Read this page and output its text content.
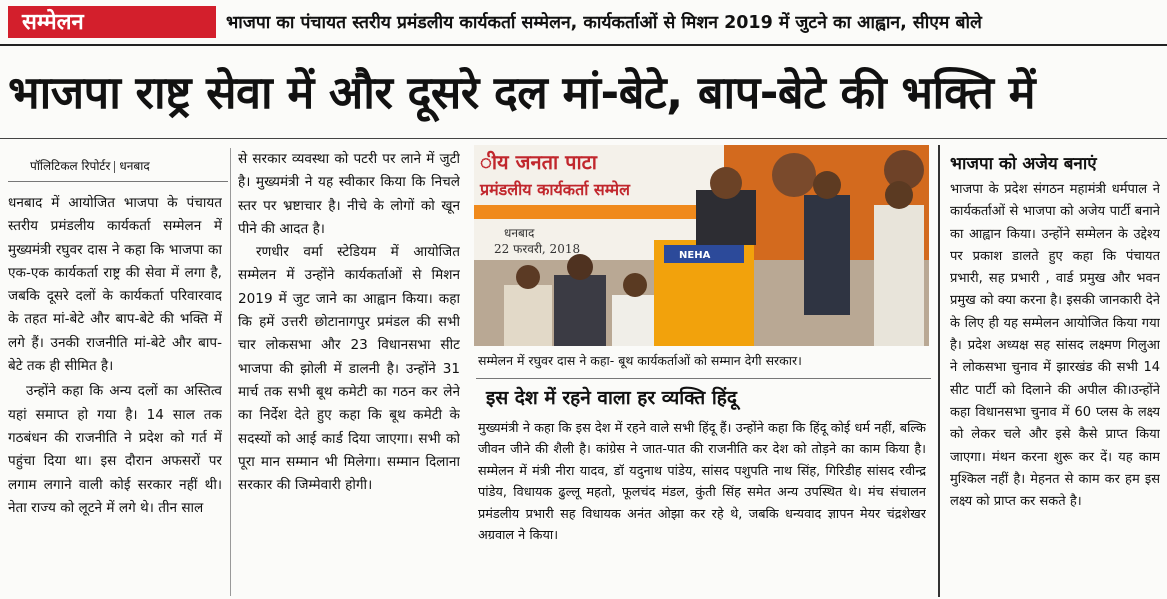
सम्मेलन	भाजपा का पंचायत स्तरीय प्रमंडलीय कार्यकर्ता सम्मेलन, कार्यकर्ताओं से मिशन 2019 में जुटने का आह्वान, सीएम बोले
भाजपा राष्ट्र सेवा में और दूसरे दल मां-बेटे, बाप-बेटे की भक्ति में
पॉलिटिकल रिपोर्टर धनबाद

धनबाद में आयोजित भाजपा के पंचायत स्तरीय प्रमंडलीय कार्यकर्ता सम्मेलन में मुख्यमंत्री रघुवर दास ने कहा कि भाजपा का एक-एक कार्यकर्ता राष्ट्र की सेवा में लगा है, जबकि दूसरे दलों के कार्यकर्ता परिवारवाद के तहत मां-बेटे और बाप-बेटे की भक्ति में लगे हैं। उनकी राजनीति मां-बेटे और बाप-बेटे तक ही सीमित है।

उन्होंने कहा कि अन्य दलों का अस्तित्व यहां समाप्त हो गया है। 14 साल तक गठबंधन की राजनीति ने प्रदेश को गर्त में पहुंचा दिया था। इस दौरान अफसरों पर लगाम लगाने वाली कोई सरकार नहीं थी। नेता राज्य को लूटने में लगे थे। तीन साल

से सरकार व्यवस्था को पटरी पर लाने में जुटी है। मुख्यमंत्री ने यह स्वीकार किया कि निचले स्तर पर भ्रष्टाचार है। नीचे के लोगों को खून पीने की आदत है।

रणधीर वर्मा स्टेडियम में आयोजित सम्मेलन में उन्होंने कार्यकर्ताओं से मिशन 2019 में जुट जाने का आह्वान किया। कहा कि हमें उत्तरी छोटानागपुर प्रमंडल की सभी चार लोकसभा और 23 विधानसभा सीट भाजपा की झोली में डालनी है। उन्होंने 31 मार्च तक सभी बूथ कमेटी का गठन कर लेने का निर्देश देते हुए कहा कि बूथ कमेटी के सदस्यों को आई कार्ड दिया जाएगा। सभी को पूरा मान सम्मान भी मिलेगा। सम्मान दिलाना सरकार की जिम्मेवारी होगी।

ीय जनता पाटा
प्रमंडलीय कार्यकर्ता सम्मेल
धनबाद
22 फरवरी, 2018	NEHA
सम्मेलन में रघुवर दास ने कहा- बूथ कार्यकर्ताओं को सम्मान देगी सरकार।
इस देश में रहने वाला हर व्यक्ति हिंदू

मुख्यमंत्री ने कहा कि इस देश में रहने वाले सभी हिंदू हैं। उन्होंने कहा कि हिंदू कोई धर्म नहीं, बल्कि जीवन जीने की शैली है। कांग्रेस ने जात-पात की राजनीति कर देश को तोड़ने का काम किया है। सम्मेलन में मंत्री नीरा यादव, डॉ यदुनाथ पांडेय, सांसद पशुपति नाथ सिंह, गिरिडीह सांसद रवीन्द्र पांडेय, विधायक ढुल्लू महतो, फूलचंद मंडल, कुंती सिंह समेत अन्य उपस्थित थे। मंच संचालन प्रमंडलीय प्रभारी सह विधायक अनंत ओझा कर रहे थे, जबकि धन्यवाद ज्ञापन मेयर चंद्रशेखर अग्रवाल ने किया।

भाजपा को अजेय बनाएं

भाजपा के प्रदेश संगठन महामंत्री धर्मपाल ने कार्यकर्ताओं से भाजपा को अजेय पार्टी बनाने का आह्वान किया। उन्होंने सम्मेलन के उद्देश्य पर प्रकाश डालते हुए कहा कि पंचायत प्रभारी, सह प्रभारी , वार्ड प्रमुख और भवन प्रमुख को क्या करना है। इसकी जानकारी देने के लिए ही यह सम्मेलन आयोजित किया गया है। प्रदेश अध्यक्ष सह सांसद लक्ष्मण गिलुआ ने लोकसभा चुनाव में झारखंड की सभी 14 सीट पार्टी को दिलाने की अपील की।उन्होंने कहा विधानसभा चुनाव में 60 प्लस के लक्ष्य को लेकर चले और इसे कैसे प्राप्त किया जाएगा। मंथन करना शुरू कर दें। यह काम मुश्किल नहीं है। मेहनत से काम कर हम इस लक्ष्य को प्राप्त कर सकते है।
